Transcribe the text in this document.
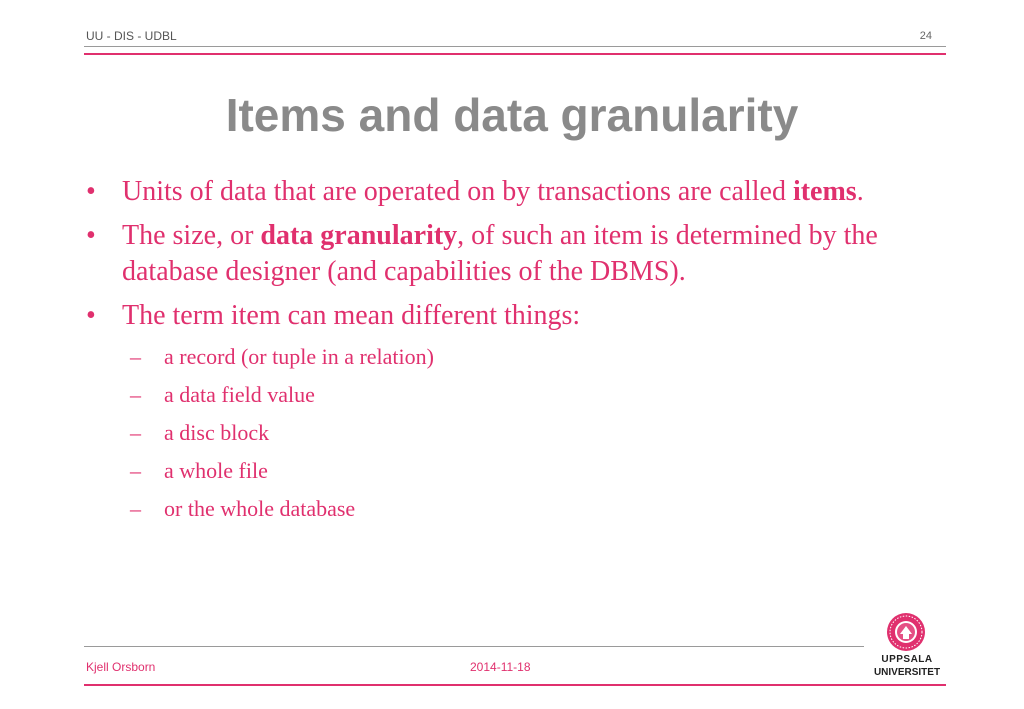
UU - DIS - UDBL	24
Items and data granularity
• Units of data that are operated on by transactions are called items.
• The size, or data granularity, of such an item is determined by the database designer (and capabilities of the DBMS).
• The term item can mean different things:
– a record (or tuple in a relation)
– a data field value
– a disc block
– a whole file
– or the whole database
Kjell Orsborn	2014-11-18
UPPSALA
UNIVERSITET
